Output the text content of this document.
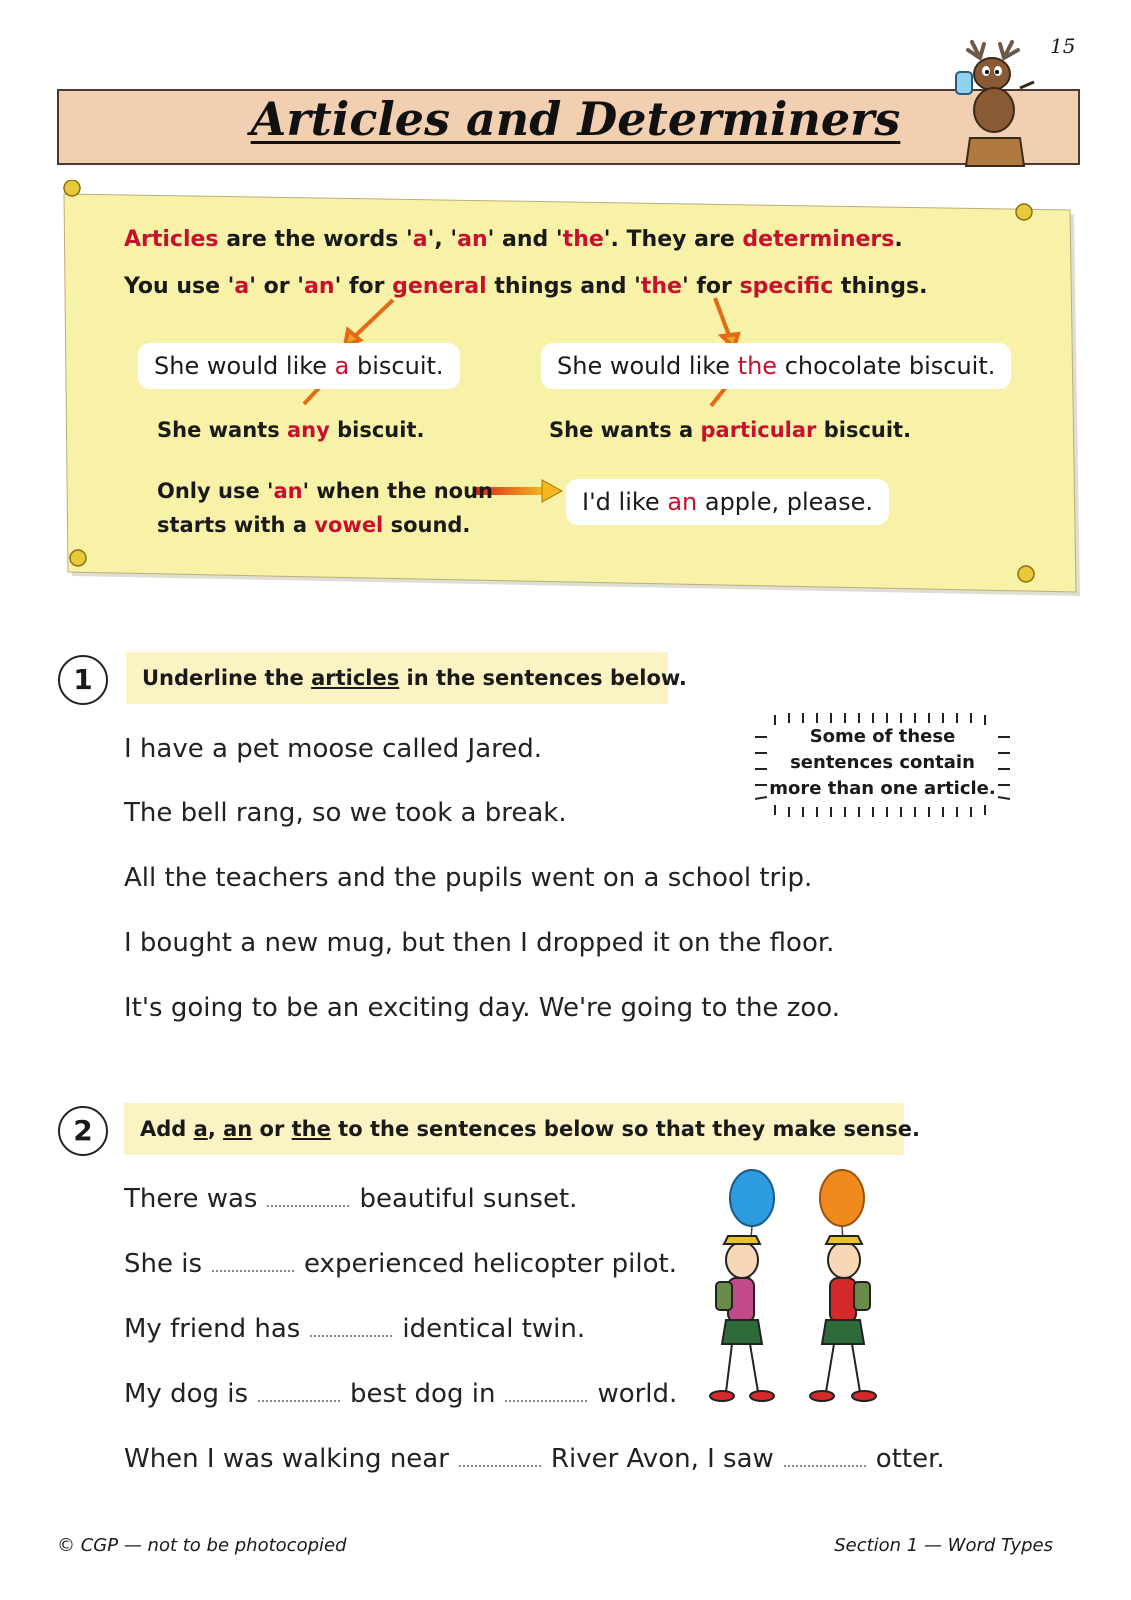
15
Articles and Determiners
Articles are the words 'a', 'an' and 'the'. They are determiners.
You use 'a' or 'an' for general things and 'the' for specific things.
She would like a biscuit.	She would like the chocolate biscuit.
She wants any biscuit.	She wants a particular biscuit.
Only use 'an' when the noun
starts with a vowel sound.
I'd like an apple, please.
1	Underline the articles in the sentences below.
I have a pet moose called Jared.
The bell rang, so we took a break.
All the teachers and the pupils went on a school trip.
I bought a new mug, but then I dropped it on the floor.
It's going to be an exciting day. We're going to the zoo.
Some of these
sentences contain
more than one article.
2	Add a, an or the to the sentences below so that they make sense.
There was	beautiful sunset.
She is	experienced helicopter pilot.
My friend has	identical twin.
My dog is	best dog in	world.
When I was walking near	River Avon, I saw	otter.
© CGP — not to be photocopied	Section 1 — Word Types
